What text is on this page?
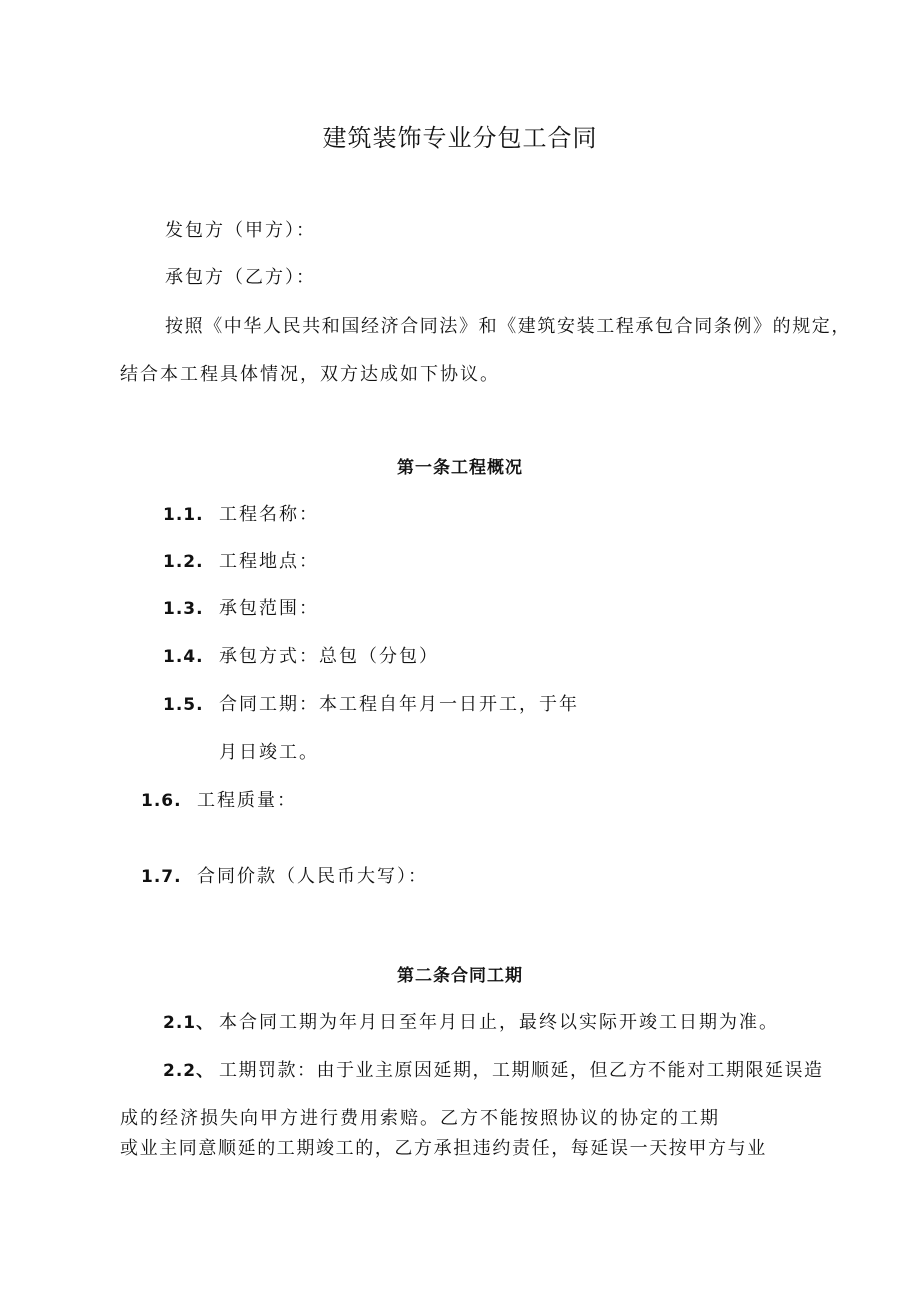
建筑装饰专业分包工合同
发包方（甲方）：
承包方（乙方）：
按照《中华人民共和国经济合同法》和《建筑安装工程承包合同条例》的规定，
结合本工程具体情况，双方达成如下协议。
第一条工程概况
1.1. 工程名称：
1.2. 工程地点：
1.3. 承包范围：
1.4. 承包方式：总包（分包）
1.5. 合同工期：本工程自年月一日开工，于年
月日竣工。
1.6. 工程质量：
1.7. 合同价款（人民币大写）：
第二条合同工期
2.1、 本合同工期为年月日至年月日止，最终以实际开竣工日期为准。
2.2、 工期罚款：由于业主原因延期，工期顺延，但乙方不能对工期限延误造
成的经济损失向甲方进行费用索赔。乙方不能按照协议的协定的工期
或业主同意顺延的工期竣工的，乙方承担违约责任，每延误一天按甲方与业
